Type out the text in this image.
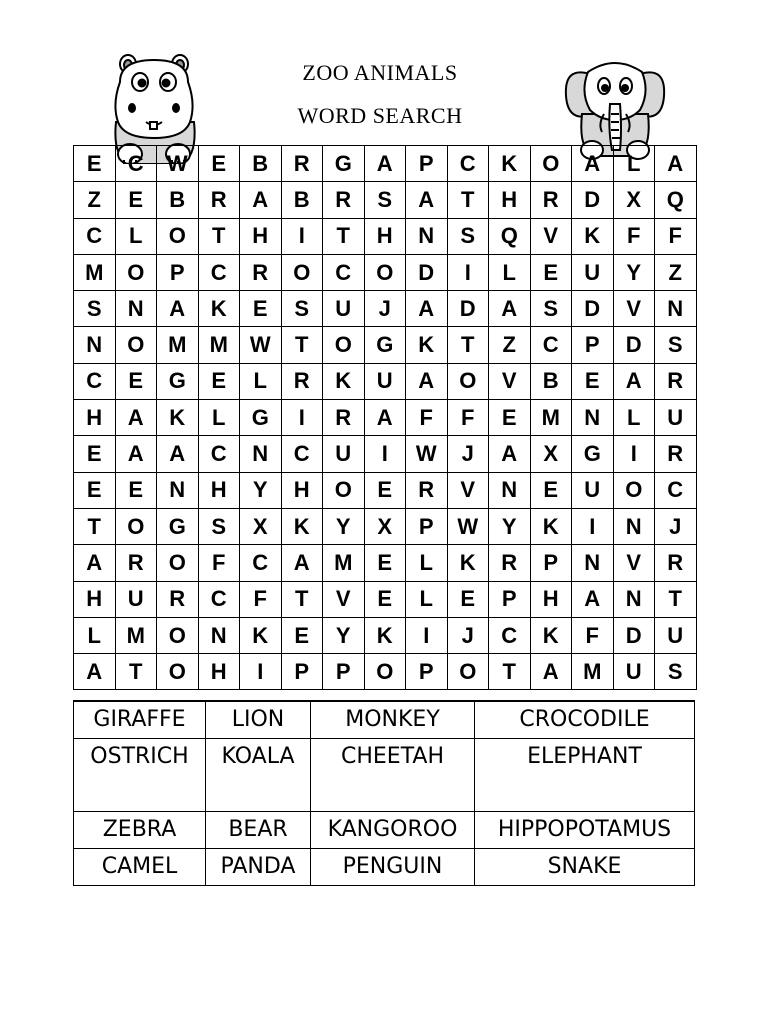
ZOO ANIMALS
WORD SEARCH
E	C	W	E	B	R	G	A	P	C	K	O	A	L	A
Z	E	B	R	A	B	R	S	A	T	H	R	D	X	Q
C	L	O	T	H	I	T	H	N	S	Q	V	K	F	F
M	O	P	C	R	O	C	O	D	I	L	E	U	Y	Z
S	N	A	K	E	S	U	J	A	D	A	S	D	V	N
N	O	M	M	W	T	O	G	K	T	Z	C	P	D	S
C	E	G	E	L	R	K	U	A	O	V	B	E	A	R
H	A	K	L	G	I	R	A	F	F	E	M	N	L	U
E	A	A	C	N	C	U	I	W	J	A	X	G	I	R
E	E	N	H	Y	H	O	E	R	V	N	E	U	O	C
T	O	G	S	X	K	Y	X	P	W	Y	K	I	N	J
A	R	O	F	C	A	M	E	L	K	R	P	N	V	R
H	U	R	C	F	T	V	E	L	E	P	H	A	N	T
L	M	O	N	K	E	Y	K	I	J	C	K	F	D	U
A	T	O	H	I	P	P	O	P	O	T	A	M	U	S
GIRAFFE	LION	MONKEY	CROCODILE
OSTRICH	KOALA	CHEETAH	ELEPHANT
ZEBRA	BEAR	KANGOROO	HIPPOPOTAMUS
CAMEL	PANDA	PENGUIN	SNAKE
